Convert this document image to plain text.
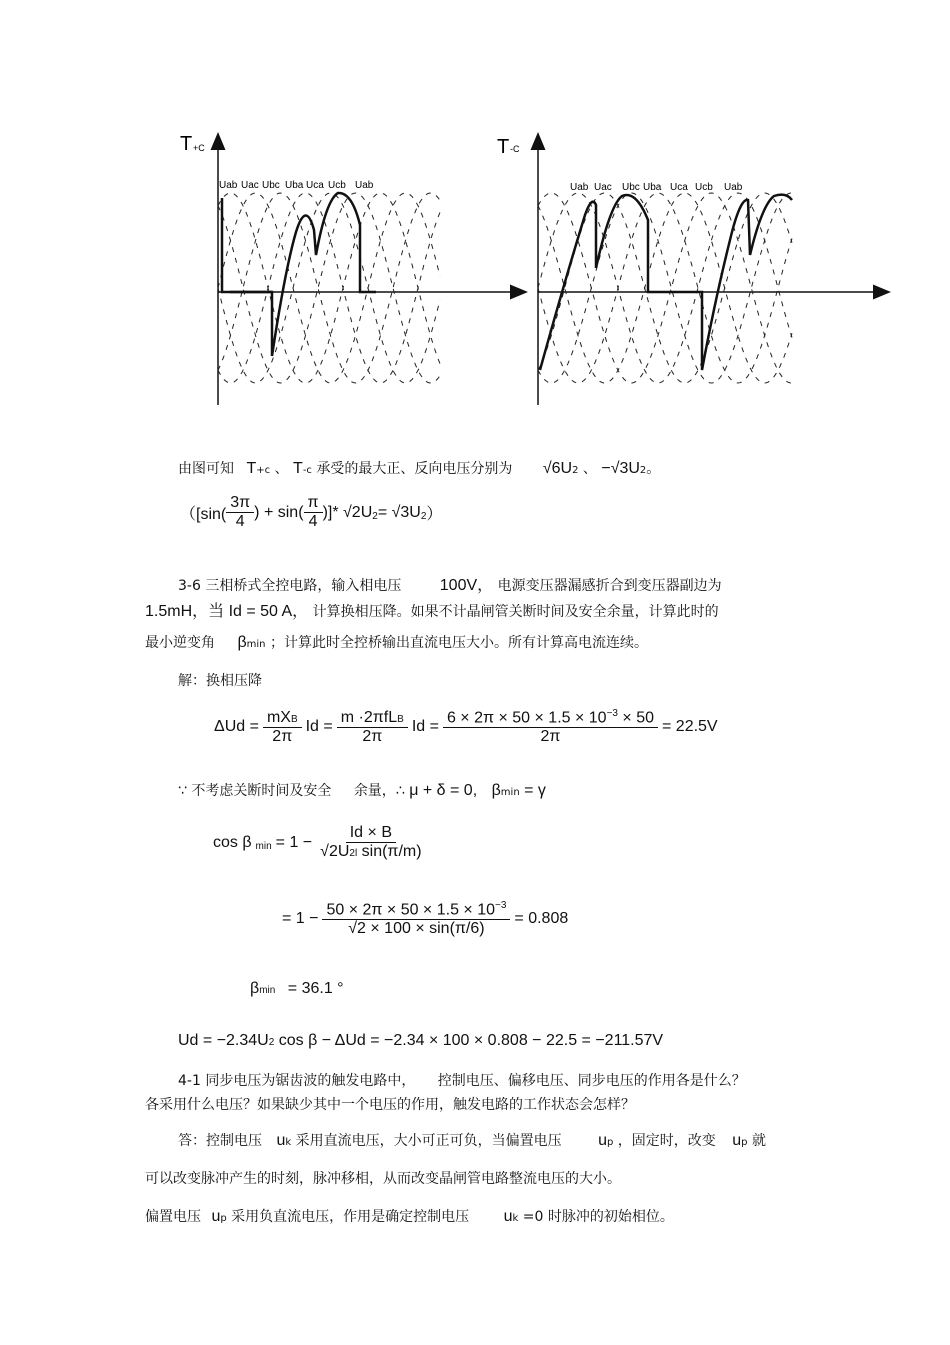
T +C
Uab Uac Ubc Uba Uca Ucb Uab
T -C
Uab Uac Ubc Uba Uca Ucb Uab
由图可知 T+c 、 T-c 承受的最大正、反向电压分别为 √6U2 、 −√3U2。
（[$\sin( \frac{3\pi}{4}$ ) + $\sin( \frac{\pi}{4}$ )]* √2U 2 = √3U 2 ）
3-6 三相桥式全控电路，输入相电压 100V， 电源变压器漏感折合到变压器副边为
1.5mH，当 Id = 50 A， 计算换相压降。如果不计晶闸管关断时间及安全余量，计算此时的
最小逆变角 βmin ；计算此时全控桥输出直流电压大小。所有计算高电流连续。
解：换相压降
$\Delta Ud = \frac{\text{mXB}}{2\pi}$ $Id = \frac{\text{m ·2πfLB}}{2\pi}$ $Id = \frac{6 \times 2\pi \times 50 \times 1.5 \times 10^{-3} \times 50}{2\pi} = 22.5V$
∵ 不考虑关断时间及安全 余量，∴ μ + δ = 0, βmin = γ
cos β $\min = 1 - \frac{Id \times B}{\text{√2U2l sin(π/m)}}$
= $1 - \frac{50 \times 2\pi \times 50 \times 1.5 \times 10^{-3}}{√2 \times 100 \times \sin(\pi/6)} = 0.808$
βmin = 36.1 °
Ud = −2.34U2 cos β − ΔUd = −2.34 × 100 × 0.808 − 22.5 = −211.57V
4-1 同步电压为锯齿波的触发电路中， 控制电压、偏移电压、同步电压的作用各是什么？
各采用什么电压？如果缺少其中一个电压的作用，触发电路的工作状态会怎样？
答：控制电压 uk 采用直流电压，大小可正可负，当偏置电压 up ，固定时，改变 up 就
可以改变脉冲产生的时刻，脉冲移相，从而改变晶闸管电路整流电压的大小。
偏置电压 up 采用负直流电压，作用是确定控制电压 uk =0 时脉冲的初始相位。
